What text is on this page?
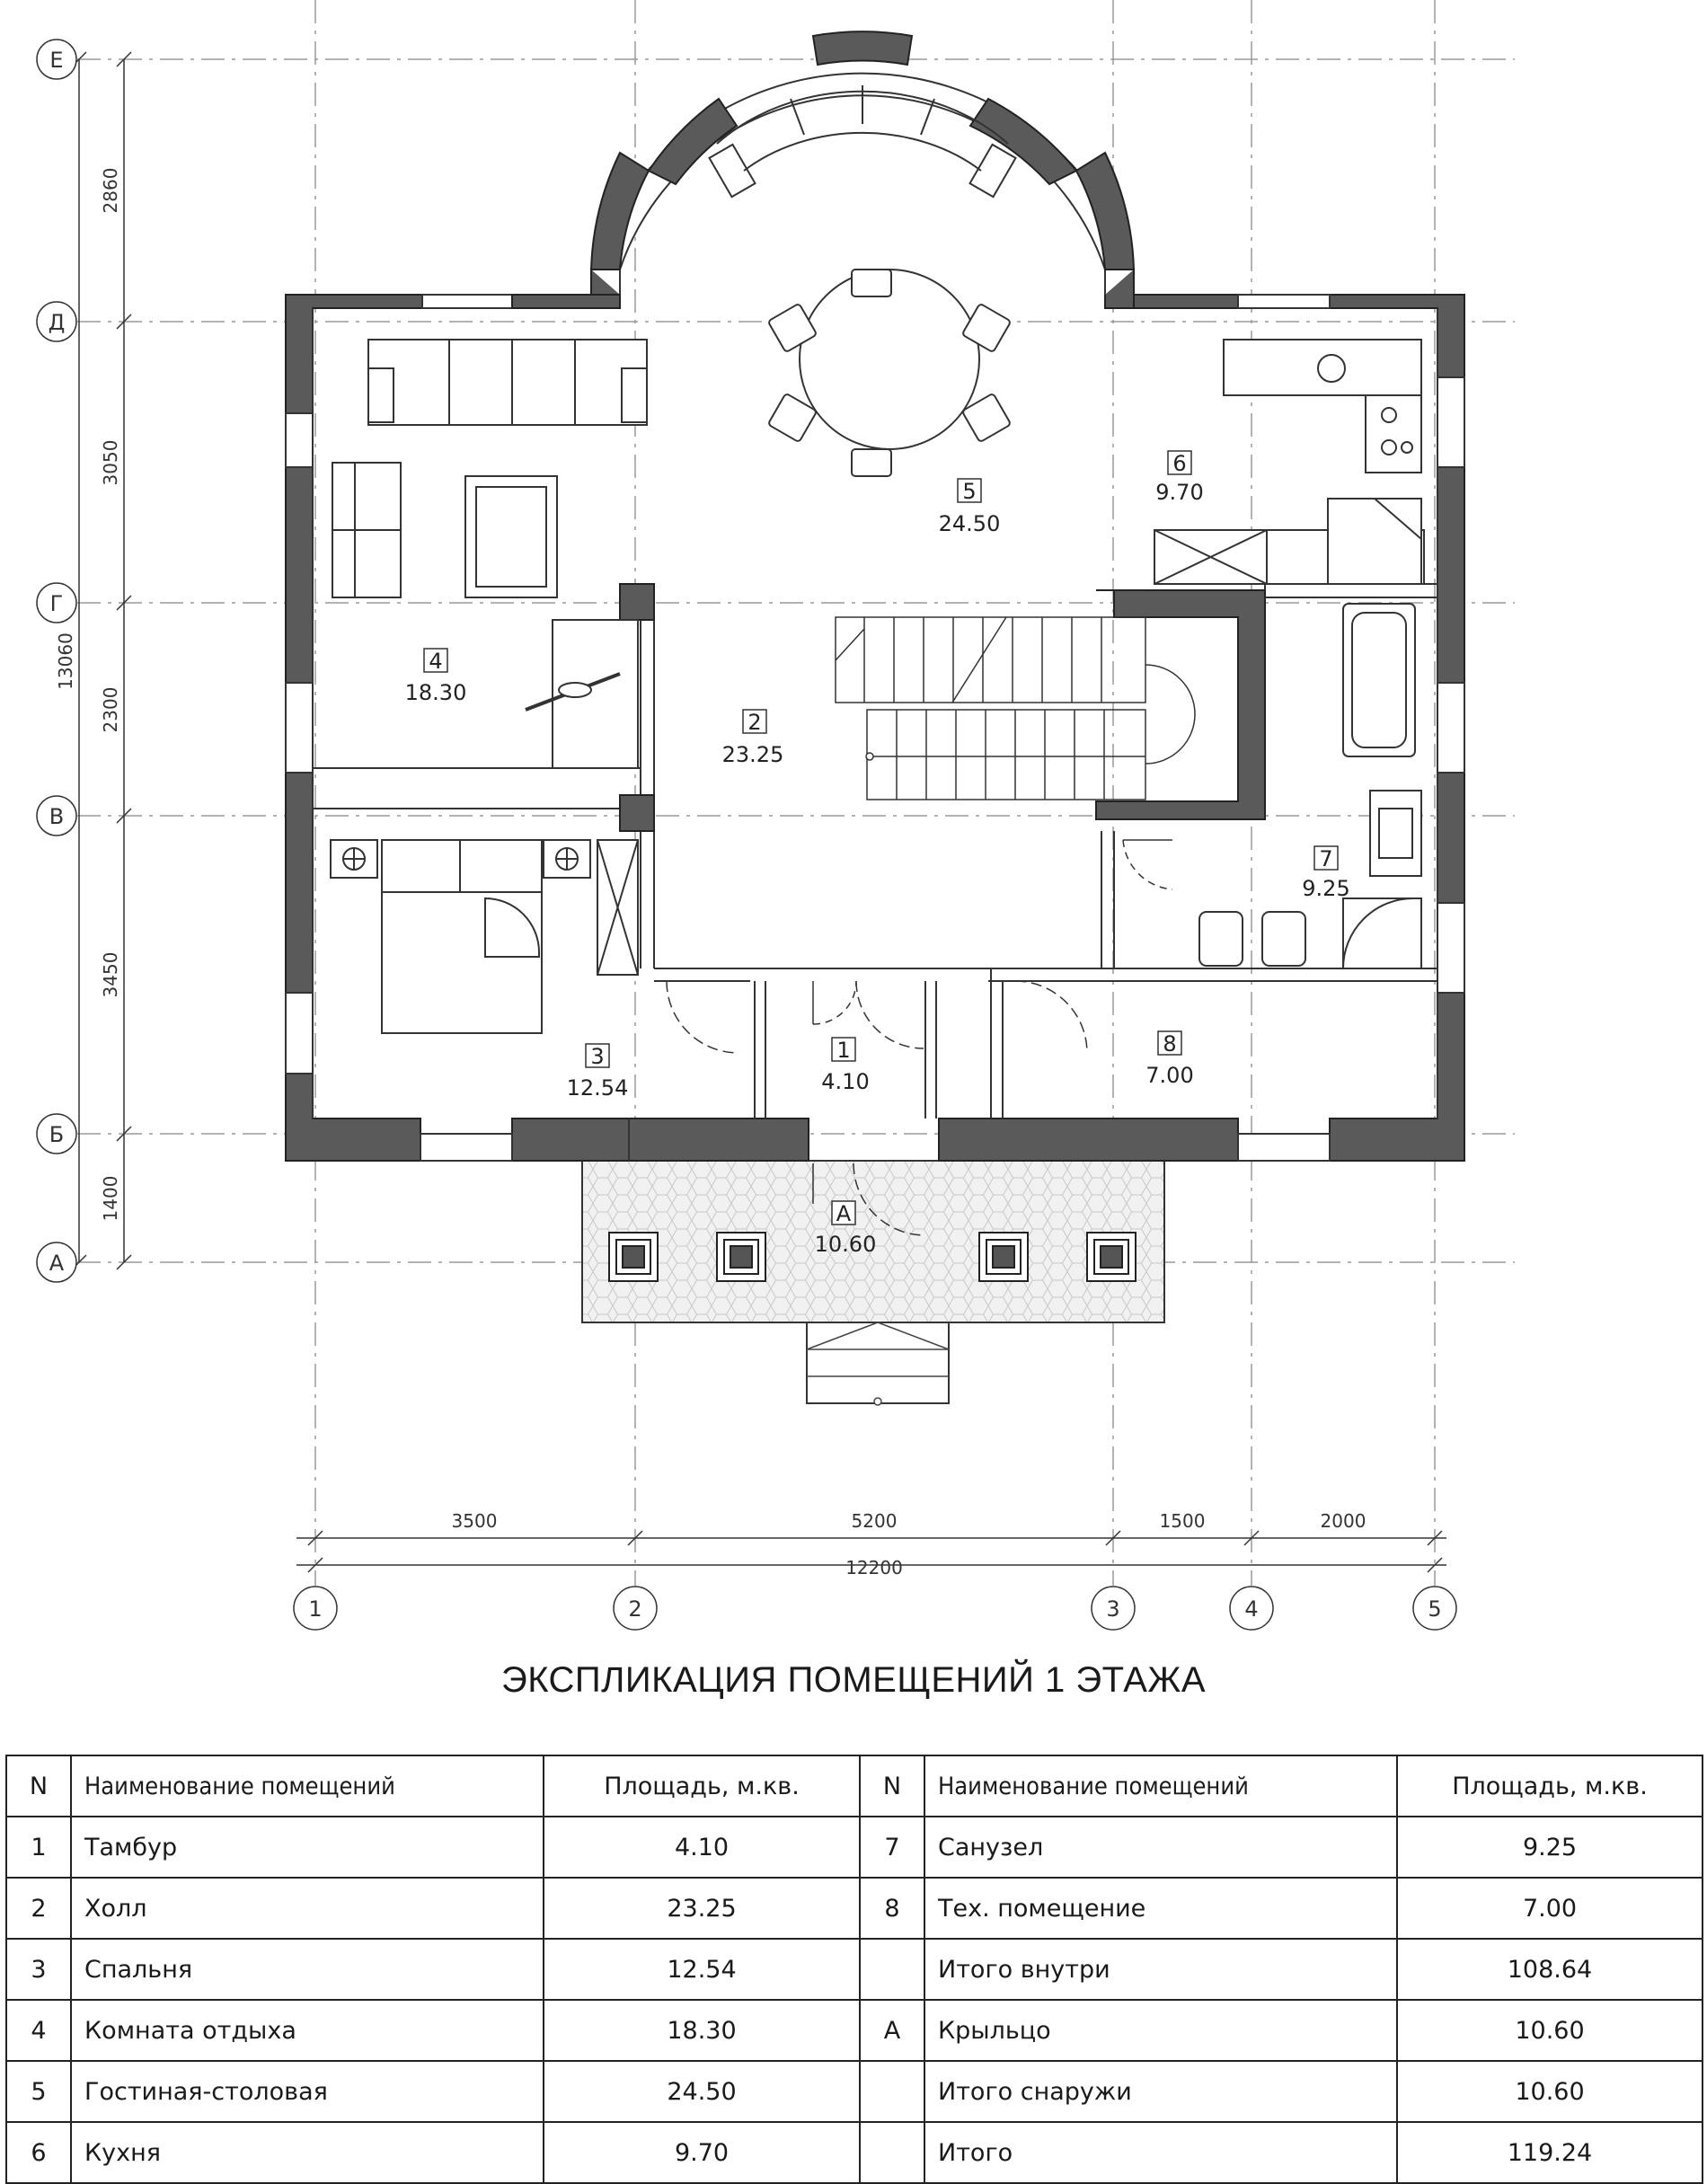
2860
3050
2300
3450
1400
13060
3500	5200	1500	2000
12200
Е
Д
Г
В
Б
А
1	2	3	4	5
1
4.10
2
23.25
3
12.54
4
18.30
5
24.50
6
9.70
7
9.25
8
7.00
А
10.60
ЭКСПЛИКАЦИЯ ПОМЕЩЕНИЙ 1 ЭТАЖА
N	Наименование помещений	Площадь, м.кв.	N	Наименование помещений	Площадь, м.кв.
1	Тамбур	4.10	7	Санузел	9.25
2	Холл	23.25	8	Тех. помещение	7.00
3	Спальня	12.54		Итого внутри	108.64
4	Комната отдыха	18.30	А	Крыльцо	10.60
5	Гостиная-столовая	24.50		Итого снаружи	10.60
6	Кухня	9.70		Итого	119.24
